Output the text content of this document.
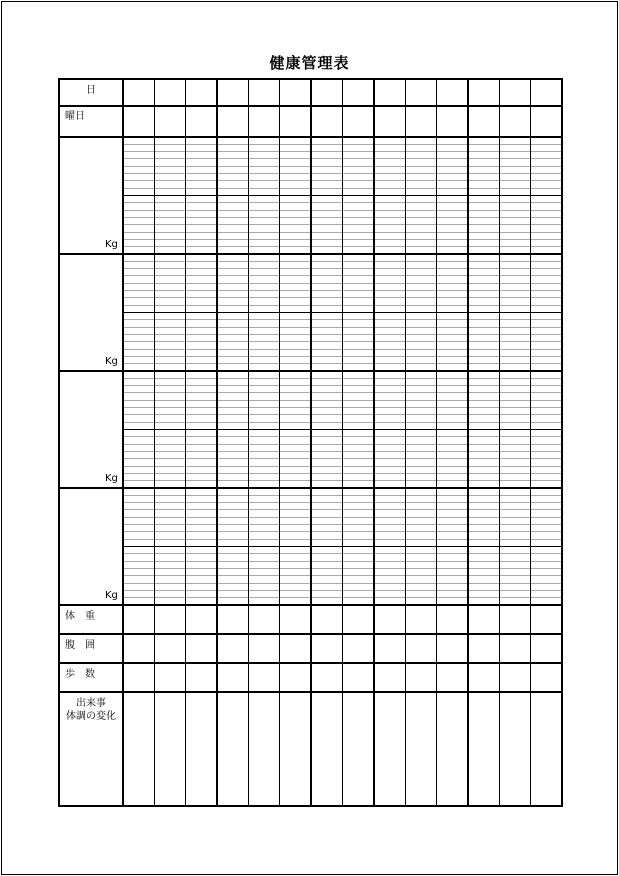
健康管理表
Kg
Kg
Kg
Kg
日
曜日
体　重
腹　囲
歩　数
出来事
体調の変化
